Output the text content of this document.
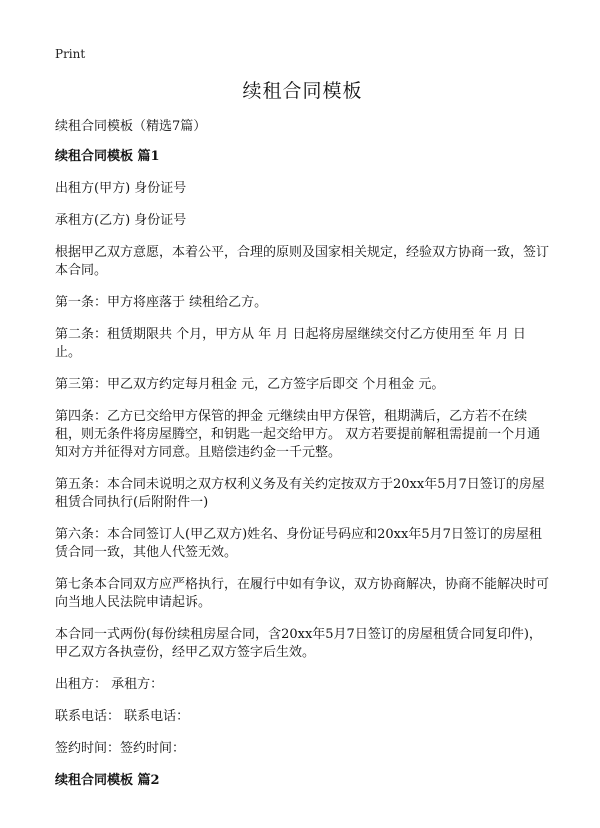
Print
续租合同模板

续租合同模板（精选7篇）

续租合同模板 篇1

出租方(甲方) 身份证号

承租方(乙方) 身份证号

根据甲乙双方意愿，本着公平，合理的原则及国家相关规定，经验双方协商一致，签订本合同。

第一条：甲方将座落于 续租给乙方。

第二条：租赁期限共 个月，甲方从 年 月 日起将房屋继续交付乙方使用至 年 月 日止。

第三第：甲乙双方约定每月租金 元，乙方签字后即交 个月租金 元。

第四条：乙方已交给甲方保管的押金 元继续由甲方保管，租期满后，乙方若不在续租，则无条件将房屋腾空，和钥匙一起交给甲方。 双方若要提前解租需提前一个月通知对方并征得对方同意。且赔偿违约金一千元整。

第五条：本合同未说明之双方权利义务及有关约定按双方于20xx年5月7日签订的房屋租赁合同执行(后附附件一)

第六条：本合同签订人(甲乙双方)姓名、身份证号码应和20xx年5月7日签订的房屋租赁合同一致，其他人代签无效。

第七条本合同双方应严格执行，在履行中如有争议，双方协商解决，协商不能解决时可向当地人民法院申请起诉。

本合同一式两份(每份续租房屋合同，含20xx年5月7日签订的房屋租赁合同复印件)，甲乙双方各执壹份，经甲乙双方签字后生效。

出租方： 承租方：

联系电话： 联系电话：

签约时间：签约时间：

续租合同模板 篇2
